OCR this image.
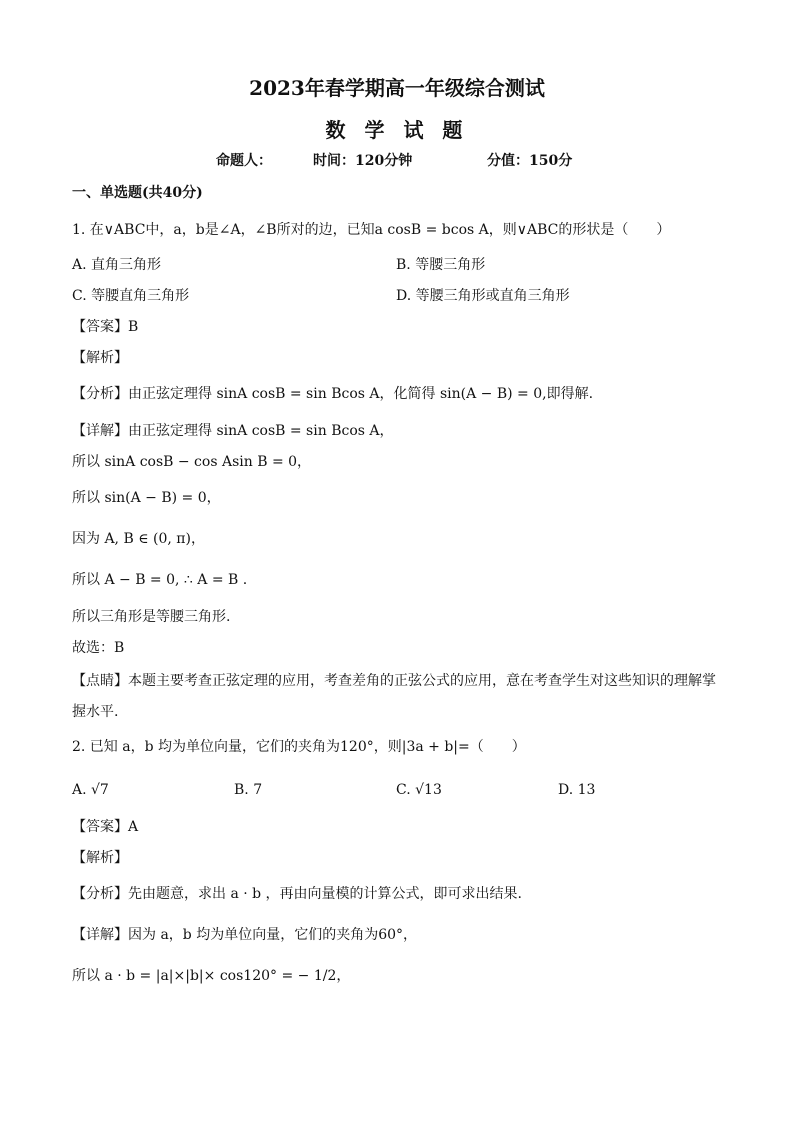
2023年春学期高一年级综合测试
数 学 试 题
命题人：	时间：120分钟	分值：150分
一、单选题(共40分)
1. 在∨ABC中，a，b是∠A，∠B所对的边，已知a cosB = bcos A，则∨ABC的形状是（　　）
A. 直角三角形	B. 等腰三角形
C. 等腰直角三角形	D. 等腰三角形或直角三角形
【答案】B
【解析】
【分析】由正弦定理得 sinA cosB = sin Bcos A，化简得 sin(A − B) = 0,即得解.
【详解】由正弦定理得 sinA cosB = sin Bcos A，
所以 sinA cosB − cos Asin B = 0，
所以 sin(A − B) = 0，
因为 A, B ∈ (0, π)，
所以 A − B = 0, ∴ A = B .
所以三角形是等腰三角形.
故选：B
【点睛】本题主要考查正弦定理的应用，考查差角的正弦公式的应用，意在考查学生对这些知识的理解掌
握水平.
2. 已知 a，b 均为单位向量，它们的夹角为120°，则|3a + b|=（　　）
A. √7	B. 7	C. √13	D. 13
【答案】A
【解析】
【分析】先由题意，求出 a · b ，再由向量模的计算公式，即可求出结果.
【详解】因为 a，b 均为单位向量，它们的夹角为60°，
所以 a · b = |a|×|b|× cos120° = − 1/2，
